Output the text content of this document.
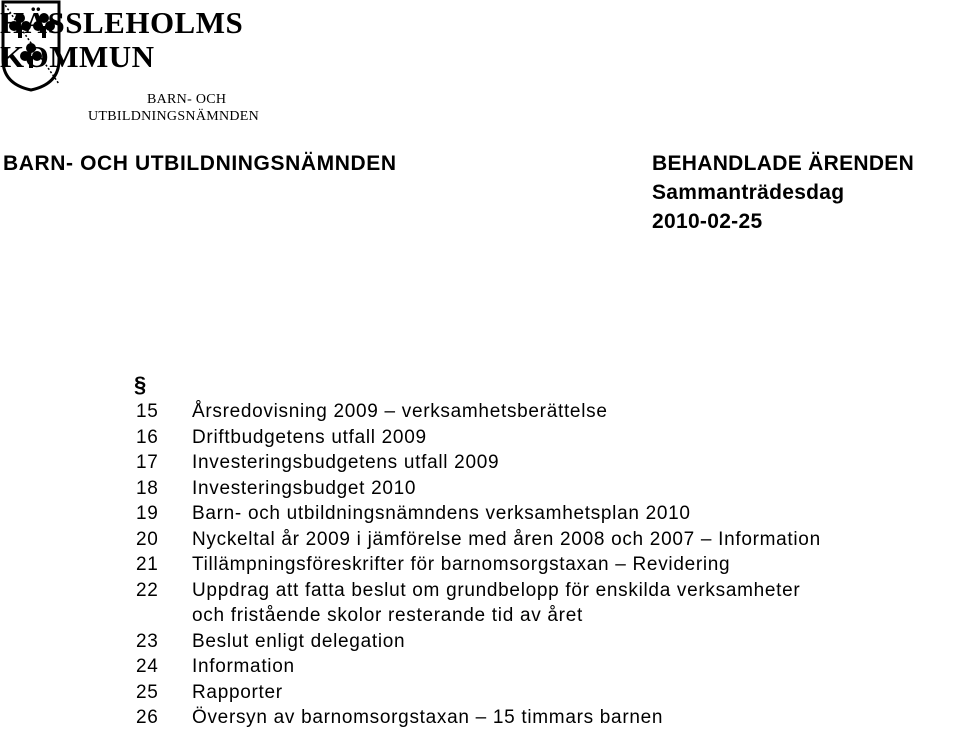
HÄSSLEHOLMS
KOMMUN
BARN- OCH
UTBILDNINGSNÄMNDEN
BARN- OCH UTBILDNINGSNÄMNDEN	BEHANDLADE ÄRENDEN
Sammanträdesdag
2010-02-25
§
15	Årsredovisning 2009 – verksamhetsberättelse
16	Driftbudgetens utfall 2009
17	Investeringsbudgetens utfall 2009
18	Investeringsbudget 2010
19	Barn- och utbildningsnämndens verksamhetsplan 2010
20	Nyckeltal år 2009 i jämförelse med åren 2008 och 2007 – Information
21	Tillämpningsföreskrifter för barnomsorgstaxan – Revidering
22	Uppdrag att fatta beslut om grundbelopp för enskilda verksamheter
och fristående skolor resterande tid av året
23	Beslut enligt delegation
24	Information
25	Rapporter
26	Översyn av barnomsorgstaxan – 15 timmars barnen
